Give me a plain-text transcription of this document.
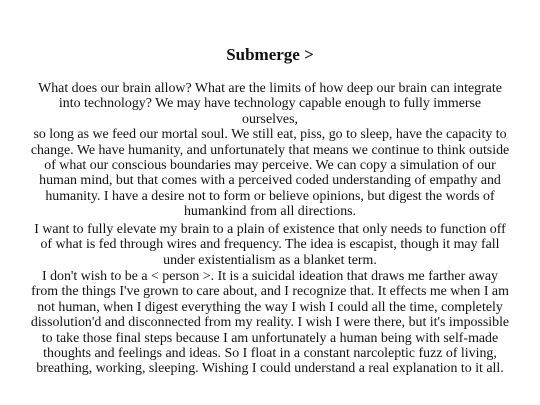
Submerge >

What does our brain allow? What are the limits of how deep our brain can integrate
into technology? We may have technology capable enough to fully immerse ourselves,
so long as we feed our mortal soul. We still eat, piss, go to sleep, have the capacity to
change. We have humanity, and unfortunately that means we continue to think outside
of what our conscious boundaries may perceive. We can copy a simulation of our
human mind, but that comes with a perceived coded understanding of empathy and
humanity. I have a desire not to form or believe opinions, but digest the words of
humankind from all directions.

I want to fully elevate my brain to a plain of existence that only needs to function off
of what is fed through wires and frequency. The idea is escapist, though it may fall
under existentialism as a blanket term.

I don't wish to be a < person >. It is a suicidal ideation that draws me farther away
from the things I've grown to care about, and I recognize that. It effects me when I am
not human, when I digest everything the way I wish I could all the time, completely
dissolution'd and disconnected from my reality. I wish I were there, but it's impossible
to take those final steps because I am unfortunately a human being with self-made
thoughts and feelings and ideas. So I float in a constant narcoleptic fuzz of living,
breathing, working, sleeping. Wishing I could understand a real explanation to it all.
